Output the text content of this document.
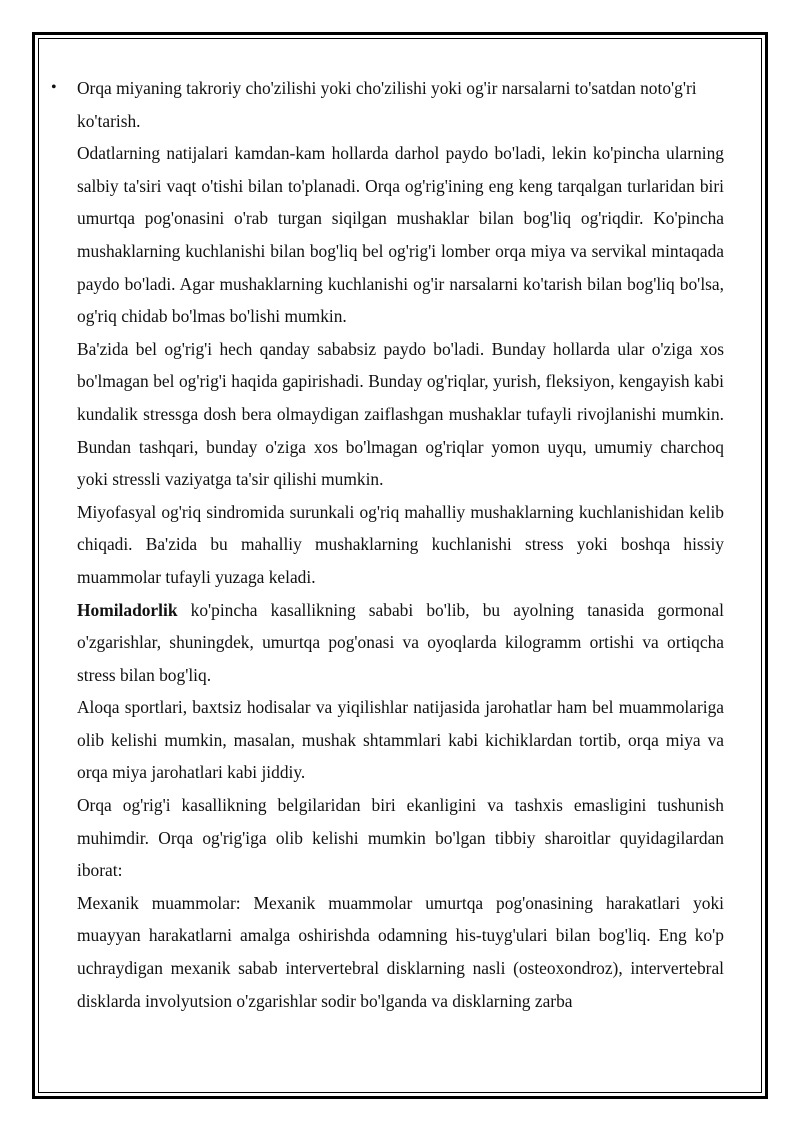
• Orqa miyaning takroriy cho'zilishi yoki cho'zilishi yoki og'ir narsalarni to'satdan noto'g'ri ko'tarish.

Odatlarning natijalari kamdan-kam hollarda darhol paydo bo'ladi, lekin ko'pincha ularning salbiy ta'siri vaqt o'tishi bilan to'planadi. Orqa og'rig'ining eng keng tarqalgan turlaridan biri umurtqa pog'onasini o'rab turgan siqilgan mushaklar bilan bog'liq og'riqdir. Ko'pincha mushaklarning kuchlanishi bilan bog'liq bel og'rig'i lomber orqa miya va servikal mintaqada paydo bo'ladi. Agar mushaklarning kuchlanishi og'ir narsalarni ko'tarish bilan bog'liq bo'lsa, og'riq chidab bo'lmas bo'lishi mumkin.

Ba'zida bel og'rig'i hech qanday sababsiz paydo bo'ladi. Bunday hollarda ular o'ziga xos bo'lmagan bel og'rig'i haqida gapirishadi. Bunday og'riqlar, yurish, fleksiyon, kengayish kabi kundalik stressga dosh bera olmaydigan zaiflashgan mushaklar tufayli rivojlanishi mumkin. Bundan tashqari, bunday o'ziga xos bo'lmagan og'riqlar yomon uyqu, umumiy charchoq yoki stressli vaziyatga ta'sir qilishi mumkin.

Miyofasyal og'riq sindromida surunkali og'riq mahalliy mushaklarning kuchlanishidan kelib chiqadi. Ba'zida bu mahalliy mushaklarning kuchlanishi stress yoki boshqa hissiy muammolar tufayli yuzaga keladi.

Homiladorlik ko'pincha kasallikning sababi bo'lib, bu ayolning tanasida gormonal o'zgarishlar, shuningdek, umurtqa pog'onasi va oyoqlarda kilogramm ortishi va ortiqcha stress bilan bog'liq.

Aloqa sportlari, baxtsiz hodisalar va yiqilishlar natijasida jarohatlar ham bel muammolariga olib kelishi mumkin, masalan, mushak shtammlari kabi kichiklardan tortib, orqa miya va orqa miya jarohatlari kabi jiddiy.

Orqa og'rig'i kasallikning belgilaridan biri ekanligini va tashxis emasligini tushunish muhimdir. Orqa og'rig'iga olib kelishi mumkin bo'lgan tibbiy sharoitlar quyidagilardan iborat:

Mexanik muammolar: Mexanik muammolar umurtqa pog'onasining harakatlari yoki muayyan harakatlarni amalga oshirishda odamning his-tuyg'ulari bilan bog'liq. Eng ko'p uchraydigan mexanik sabab intervertebral disklarning nasli (osteoxondroz), intervertebral disklarda involyutsion o'zgarishlar sodir bo'lganda va disklarning zarba
